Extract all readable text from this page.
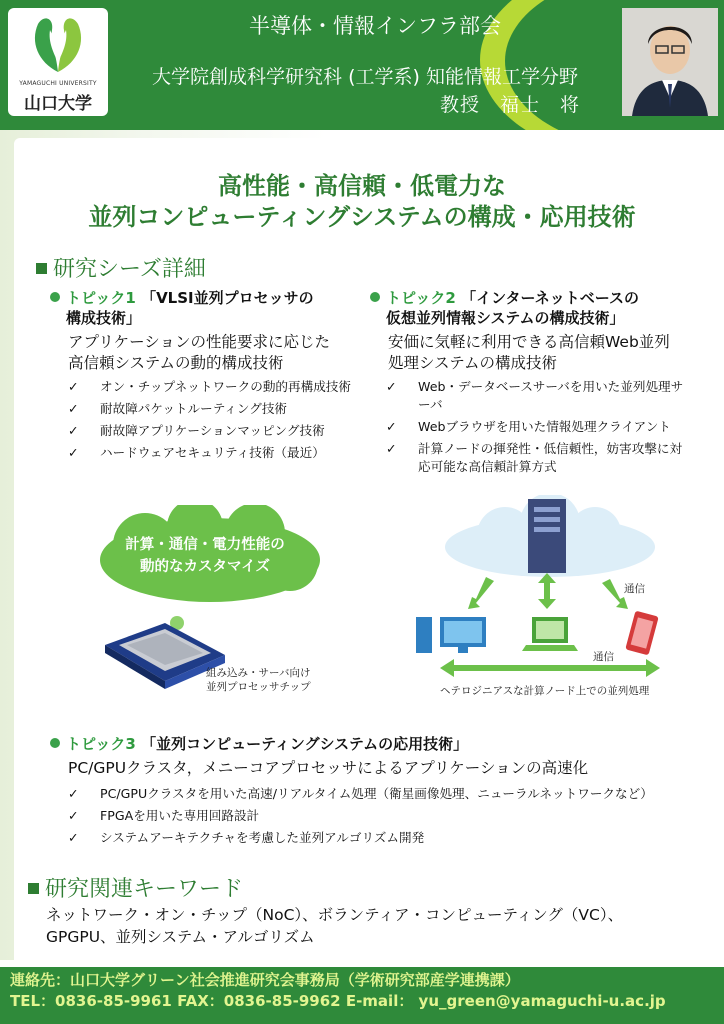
YAMAGUCHI UNIVERSITY
山口大学
半導体・情報インフラ部会
大学院創成科学研究科 (工学系) 知能情報工学分野
教授　福士　将
高性能・高信頼・低電力な
並列コンピューティングシステムの構成・応用技術
研究シーズ詳細
トピック1 「VLSI並列プロセッサの
構成技術」
アプリケーションの性能要求に応じた
高信頼システムの動的構成技術
✓ オン・チップネットワークの動的再構成技術
✓ 耐故障パケットルーティング技術
✓ 耐故障アプリケーションマッピング技術
✓ ハードウェアセキュリティ技術（最近）
トピック2 「インターネットベースの
仮想並列情報システムの構成技術」
安価に気軽に利用できる高信頼Web並列
処理システムの構成技術
✓ Web・データベースサーバを用いた並列処理サーバ
✓ Webブラウザを用いた情報処理クライアント
✓ 計算ノードの揮発性・低信頼性，妨害攻撃に対応可能な高信頼計算方式
計算・通信・電力性能の
動的なカスタマイズ
組み込み・サーバ向け
並列プロセッサチップ
通信
通信
ヘテロジニアスな計算ノード上での並列処理
トピック3 「並列コンピューティングシステムの応用技術」
PC/GPUクラスタ，メニーコアプロセッサによるアプリケーションの高速化
✓ PC/GPUクラスタを用いた高速/リアルタイム処理（衛星画像処理、ニューラルネットワークなど）
✓ FPGAを用いた専用回路設計
✓ システムアーキテクチャを考慮した並列アルゴリズム開発
研究関連キーワード
ネットワーク・オン・チップ（NoC）、ボランティア・コンピューティング（VC）、
GPGPU、並列システム・アルゴリズム
連絡先：山口大学グリーン社会推進研究会事務局（学術研究部産学連携課）
TEL：0836-85-9961 FAX：0836-85-9962 E-mail： yu_green@yamaguchi-u.ac.jp
